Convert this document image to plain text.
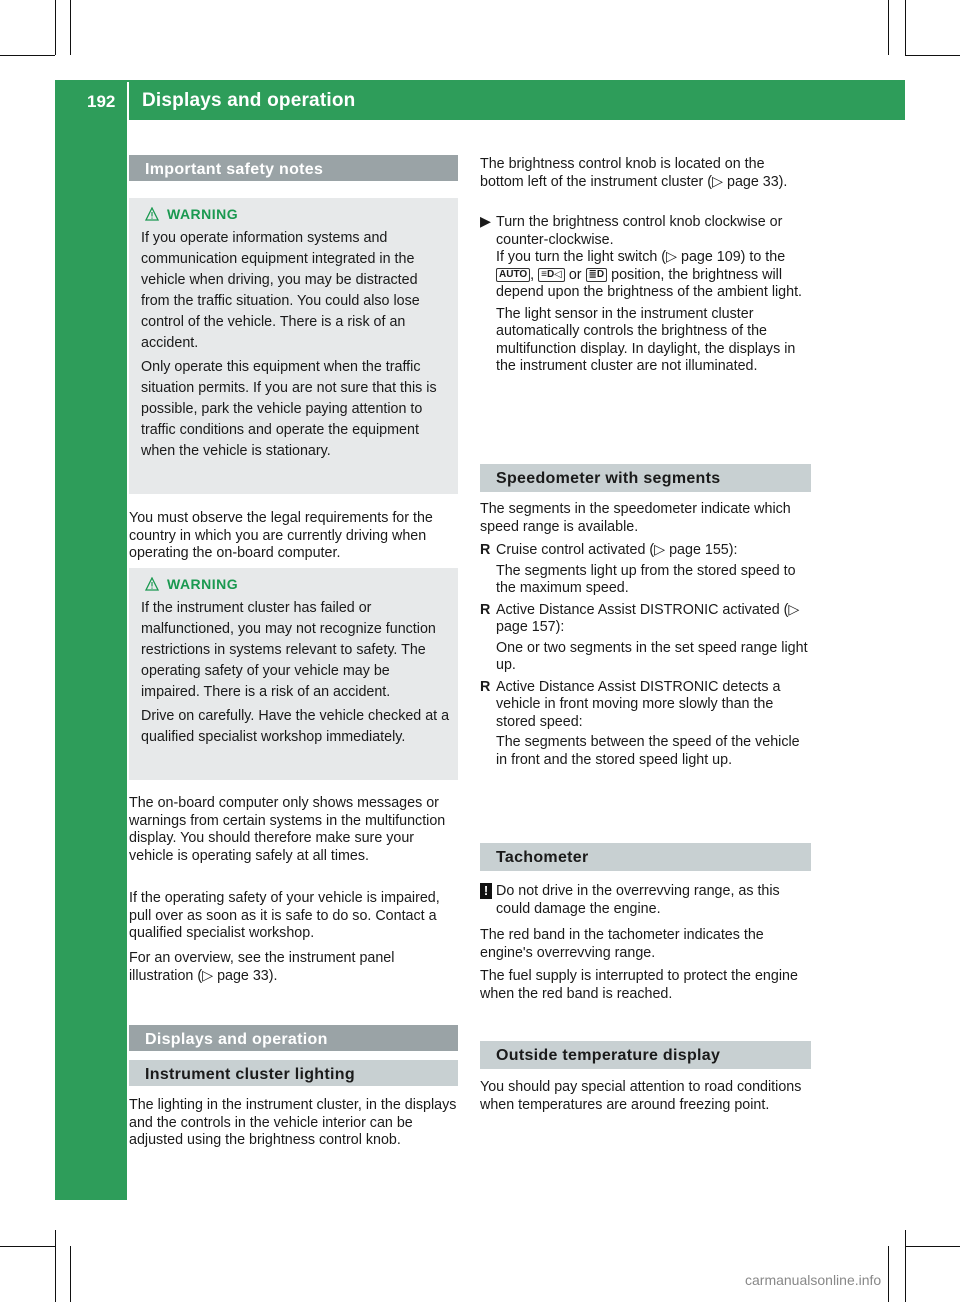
192 Displays and operation
Important safety notes
WARNING

If you operate information systems and communication equipment integrated in the vehicle when driving, you may be distracted from the traffic situation. You could also lose control of the vehicle. There is a risk of an accident.

Only operate this equipment when the traffic situation permits. If you are not sure that this is possible, park the vehicle paying attention to traffic conditions and operate the equipment when the vehicle is stationary.

You must observe the legal requirements for the country in which you are currently driving when operating the on-board computer.

WARNING

If the instrument cluster has failed or malfunctioned, you may not recognize function restrictions in systems relevant to safety. The operating safety of your vehicle may be impaired. There is a risk of an accident.

Drive on carefully. Have the vehicle checked at a qualified specialist workshop immediately.

The on-board computer only shows messages or warnings from certain systems in the multifunction display. You should therefore make sure your vehicle is operating safely at all times.

If the operating safety of your vehicle is impaired, pull over as soon as it is safe to do so. Contact a qualified specialist workshop.

For an overview, see the instrument panel illustration (▷ page 33).

Displays and operation
Instrument cluster lighting

The lighting in the instrument cluster, in the displays and the controls in the vehicle interior can be adjusted using the brightness control knob.

The brightness control knob is located on the bottom left of the instrument cluster (▷ page 33).

▶ Turn the brightness control knob clockwise or counter-clockwise.
If you turn the light switch (▷ page 109) to the AUTO , ≡D◁ or ≣D position, the brightness will depend upon the brightness of the ambient light.
The light sensor in the instrument cluster automatically controls the brightness of the multifunction display. In daylight, the displays in the instrument cluster are not illuminated.
Speedometer with segments

The segments in the speedometer indicate which speed range is available.

R Cruise control activated (▷ page 155):
The segments light up from the stored speed to the maximum speed.
R Active Distance Assist DISTRONIC activated (▷ page 157):
One or two segments in the set speed range light up.
R Active Distance Assist DISTRONIC detects a vehicle in front moving more slowly than the stored speed:
The segments between the speed of the vehicle in front and the stored speed light up.
Tachometer
! Do not drive in the overrevving range, as this could damage the engine.

The red band in the tachometer indicates the engine's overrevving range.

The fuel supply is interrupted to protect the engine when the red band is reached.

Outside temperature display

You should pay special attention to road conditions when temperatures are around freezing point.

carmanualsonline.info
